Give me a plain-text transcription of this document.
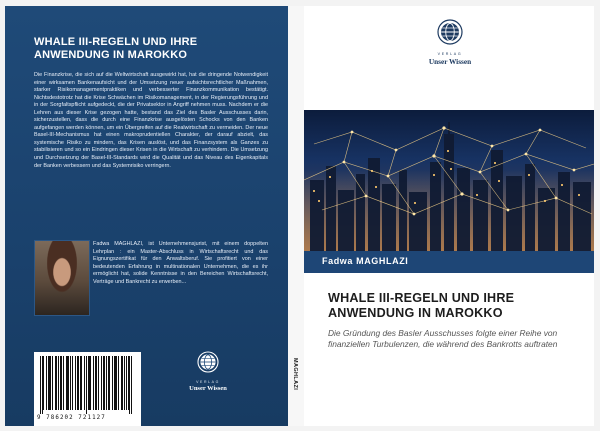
WHALE III-REGELN UND IHRE ANWENDUNG IN MAROKKO
Die Finanzkrise, die sich auf die Weltwirtschaft ausgewirkt hat, hat die dringende Notwendigkeit einer wirksamen Bankenaufsicht und der Umsetzung neuer aufsichtsrechtlicher Maßnahmen, starker Risikomanagementpraktiken und verbesserter Finanzkommunikation bestätigt. Nichtsdestotrotz hat die Krise Schwächen im Risikomanagement, in der Regierungsführung und in der Sorgfaltspflicht aufgedeckt, die der Privatsektor in Angriff nehmen muss. Nachdem er die Lehren aus dieser Krise gezogen hatte, bestand das Ziel des Basler Ausschusses darin, sicherzustellen, dass die durch eine Finanzkrise ausgelösten Schocks von den Banken aufgefangen werden können, um ein Übergreifen auf die Realwirtschaft zu vermeiden. Der neue Basel-III-Mechanismus hat einen makroprudentiellen Charakter, der darauf abzielt, das systemische Risiko zu mindern, das Krisen auslöst, und das Finanzsystem als Ganzes zu stabilisieren und so ein Eindringen dieser Krisen in die Wirtschaft zu verhindern. Die Umsetzung und Durchsetzung der Basel-III-Standards wird die Qualität und das Niveau des Eigenkapitals der Banken verbessern und das Systemrisiko verringern.
Fadwa MAGHLAZI, ist Unternehmensjurist, mit einem doppelten Lehrplan : ein Master-Abschluss in Wirtschaftsrecht und das Eignungszertifikat für den Anwaltsberuf. Sie profitiert von einer bedeutenden Erfahrung in multinationalen Unternehmen, die es ihr ermöglicht hat, solide Kenntnisse in den Bereichen Wirtschaftsrecht, Verträge und Bankrecht zu erwerben...
9 786202 721127
VERLAG
Unser Wissen	MAGHLAZI
VERLAG
Unser Wissen
Fadwa MAGHLAZI
WHALE III-REGELN UND IHRE ANWENDUNG IN MAROKKO
Die Gründung des Basler Ausschusses folgte einer Reihe von finanziellen Turbulenzen, die während des Bankrotts auftraten
